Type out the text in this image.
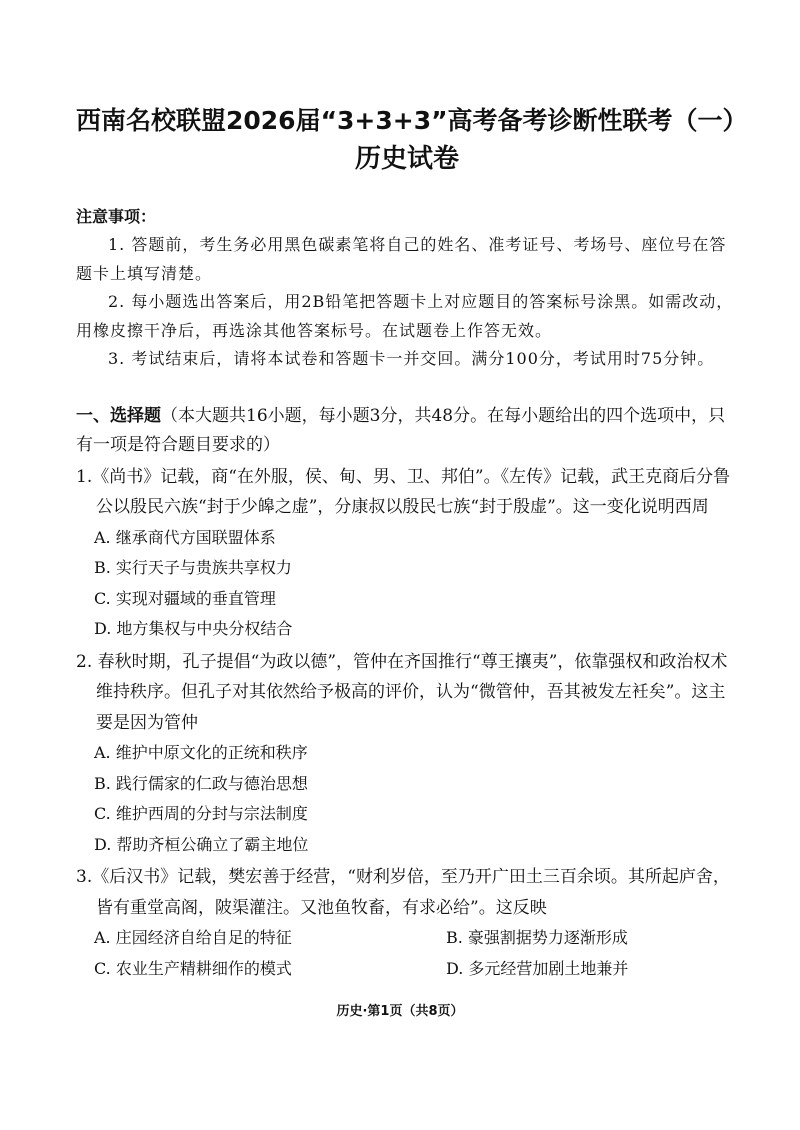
西南名校联盟2026届“3+3+3”高考备考诊断性联考（一）
历史试卷
注意事项：
1. 答题前，考生务必用黑色碳素笔将自己的姓名、准考证号、考场号、座位号在答题卡上填写清楚。
2. 每小题选出答案后，用2B铅笔把答题卡上对应题目的答案标号涂黑。如需改动，用橡皮擦干净后，再选涂其他答案标号。在试题卷上作答无效。
3. 考试结束后，请将本试卷和答题卡一并交回。满分100分，考试用时75分钟。
一、选择题（本大题共16小题，每小题3分，共48分。在每小题给出的四个选项中，只有一项是符合题目要求的）
1.《尚书》记载，商“在外服，侯、甸、男、卫、邦伯”。《左传》记载，武王克商后分鲁公以殷民六族“封于少皞之虚”，分康叔以殷民七族“封于殷虚”。这一变化说明西周
A. 继承商代方国联盟体系
B. 实行天子与贵族共享权力
C. 实现对疆域的垂直管理
D. 地方集权与中央分权结合
2. 春秋时期，孔子提倡“为政以德”，管仲在齐国推行“尊王攘夷”，依靠强权和政治权术维持秩序。但孔子对其依然给予极高的评价，认为“微管仲，吾其被发左衽矣”。这主要是因为管仲
A. 维护中原文化的正统和秩序
B. 践行儒家的仁政与德治思想
C. 维护西周的分封与宗法制度
D. 帮助齐桓公确立了霸主地位
3.《后汉书》记载，樊宏善于经营，“财利岁倍，至乃开广田土三百余顷。其所起庐舍，皆有重堂高阁，陂渠灌注。又池鱼牧畜，有求必给”。这反映
A. 庄园经济自给自足的特征	B. 豪强割据势力逐渐形成
C. 农业生产精耕细作的模式	D. 多元经营加剧土地兼并
历史·第1页（共8页）
